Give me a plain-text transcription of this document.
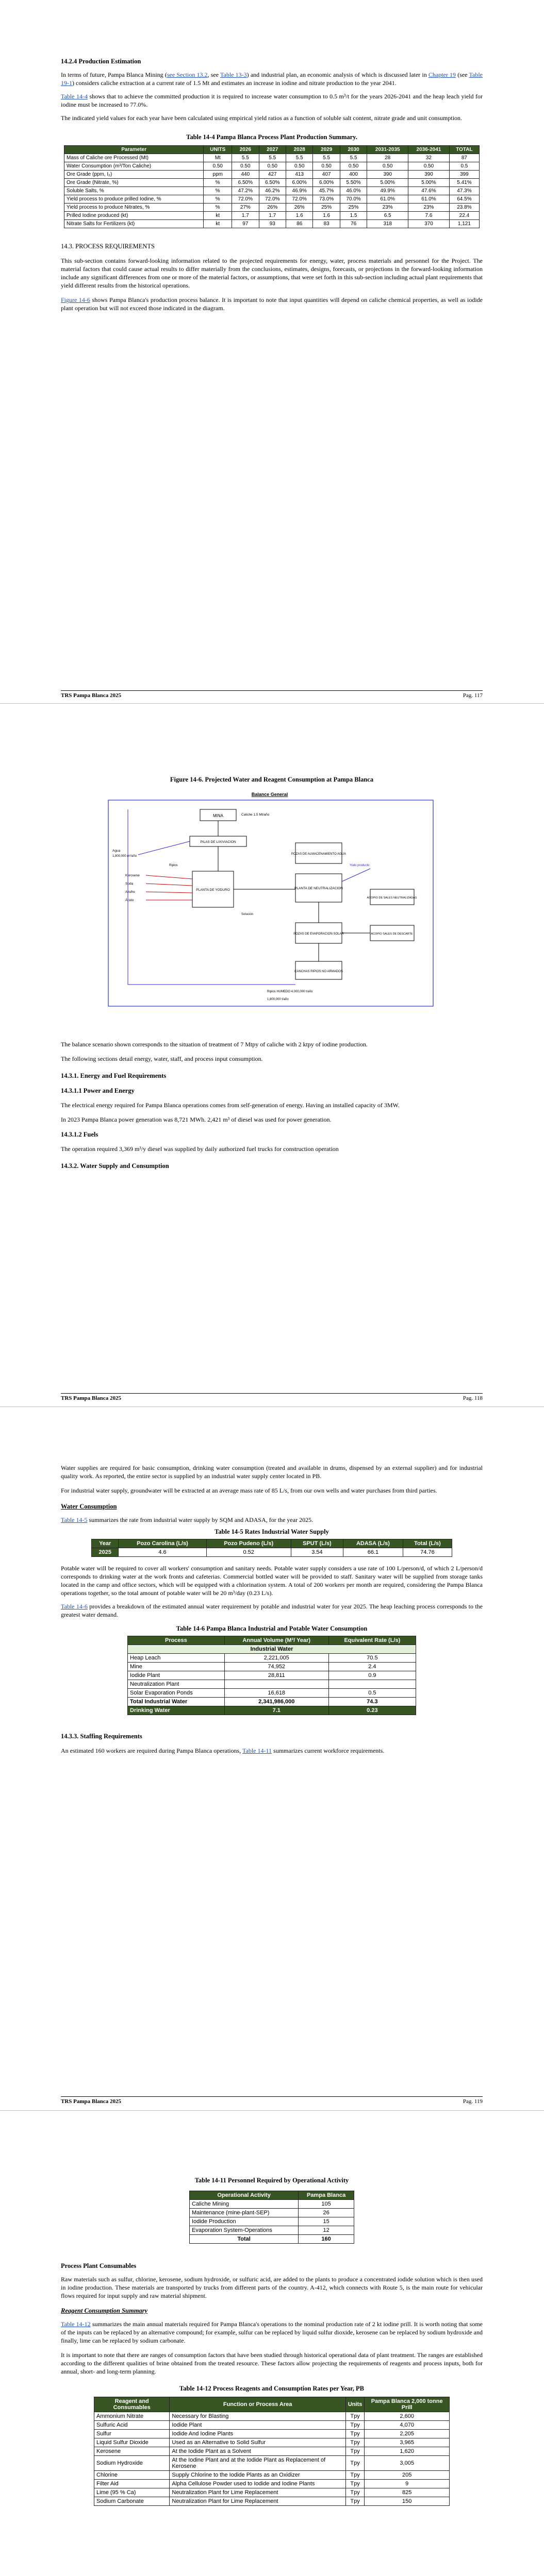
14.2.4 Production Estimation

In terms of future, Pampa Blanca Mining (see Section 13.2, see Table 13-3) and industrial plan, an economic analysis of which is discussed later in Chapter 19 (see Table 19-1) considers caliche extraction at a current rate of 1.5 Mt and estimates an increase in iodine and nitrate production to the year 2041.

Table 14-4 shows that to achieve the committed production it is required to increase water consumption to 0.5 m³/t for the years 2026-2041 and the heap leach yield for iodine must be increased to 77.0%.

The indicated yield values for each year have been calculated using empirical yield ratios as a function of soluble salt content, nitrate grade and unit consumption.

Table 14-4 Pampa Blanca Process Plant Production Summary.
Parameter	UNITS	2026	2027	2028	2029	2030	2031-2035	2036-2041	TOTAL
Mass of Caliche ore Processed (Mt)	Mt	5.5	5.5	5.5	5.5	5.5	28	32	87
Water Consumption (m³/Ton Caliche)	0.50	0.50	0.50	0.50	0.50	0.50	0.50	0.50	0.5
Ore Grade (ppm, I₂)	ppm	440	427	413	407	400	390	390	399
Ore Grade (Nitrate, %)	%	6.50%	6.50%	6.00%	6.00%	5.50%	5.00%	5.00%	5.41%
Soluble Salts, %	%	47.2%	46.2%	46.9%	45.7%	46.0%	49.9%	47.6%	47.3%
Yield process to produce prilled Iodine, %	%	72.0%	72.0%	72.0%	73.0%	70.0%	61.0%	61.0%	64.5%
Yield process to produce Nitrates, %	%	27%	26%	26%	25%	25%	23%	23%	23.8%
Prilled Iodine produced (kt)	kt	1.7	1.7	1.6	1.6	1.5	6.5	7.6	22.4
Nitrate Salts for Fertilizers (kt)	kt	97	93	86	83	76	318	370	1,121
14.3. PROCESS REQUIREMENTS

This sub-section contains forward-looking information related to the projected requirements for energy, water, process materials and personnel for the Project. The material factors that could cause actual results to differ materially from the conclusions, estimates, designs, forecasts, or projections in the forward-looking information include any significant differences from one or more of the material factors, or assumptions, that were set forth in this sub-section including actual plant requirements that yield different results from the historical operations.

Figure 14-6 shows Pampa Blanca's production process balance. It is important to note that input quantities will depend on caliche chemical properties, as well as iodide plant operation but will not exceed those indicated in the diagram.

TRS Pampa Blanca 2025	Pag. 117
Figure 14-6. Projected Water and Reagent Consumption at Pampa Blanca
Balance General
MINA	Caliche 1.5 Mt/año
PILAS DE LIXIVIACION
PLANTA DE YODURO	PLANTA DE NEUTRALIZACION
POZAS DE ALMACENAMIENTO AGUA
POZAS DE EVAPORACION SOLAR
ACOPIO DE SALES NEUTRALIZADAS
ACOPIO SALES DE DESCARTE
CANCHAS RIPIOS NO ARMADOS
Yodo producto
Agua
1,800,000 m³/año
Kerosene
Soda
Azufre
Ácido
Ripios
Solución
Ripios HUMEDO 4,000,000 t/año
1,800,000 t/año

The balance scenario shown corresponds to the situation of treatment of 7 Mtpy of caliche with 2 ktpy of iodine production.

The following sections detail energy, water, staff, and process input consumption.

14.3.1. Energy and Fuel Requirements
14.3.1.1 Power and Energy

The electrical energy required for Pampa Blanca operations comes from self-generation of energy. Having an installed capacity of 3MW.

In 2023 Pampa Blanca power generation was 8,721 MWh. 2,421 m³ of diesel was used for power generation.

14.3.1.2 Fuels

The operation required 3,369 m³/y diesel was supplied by daily authorized fuel trucks for construction operation

14.3.2. Water Supply and Consumption
TRS Pampa Blanca 2025	Pag. 118

Water supplies are required for basic consumption, drinking water consumption (treated and available in drums, dispensed by an external supplier) and for industrial quality work. As reported, the entire sector is supplied by an industrial water supply center located in PB.

For industrial water supply, groundwater will be extracted at an average mass rate of 85 L/s, from our own wells and water purchases from third parties.

Water Consumption

Table 14-5 summarizes the rate from industrial water supply by SQM and ADASA, for the year 2025.

Table 14-5 Rates Industrial Water Supply
Year	Pozo Carolina (L/s)	Pozo Pudeno (L/s)	SPUT (L/s)	ADASA (L/s)	Total (L/s)
2025	4.6	0.52	3.54	66.1	74.76

Potable water will be required to cover all workers' consumption and sanitary needs. Potable water supply considers a use rate of 100 L/person/d, of which 2 L/person/d corresponds to drinking water at the work fronts and cafeterias. Commercial bottled water will be provided to staff. Sanitary water will be supplied from storage tanks located in the camp and office sectors, which will be equipped with a chlorination system. A total of 200 workers per month are required, considering the Pampa Blanca operations together, so the total amount of potable water will be 20 m³/day (0.23 L/s).

Table 14-6 provides a breakdown of the estimated annual water requirement by potable and industrial water for year 2025. The heap leaching process corresponds to the greatest water demand.

Table 14-6 Pampa Blanca Industrial and Potable Water Consumption
Process	Annual Volume (M³/ Year)	Equivalent Rate (L/s)
Industrial Water		
Heap Leach	2,221,005	70.5
Mine	74,952	2.4
Iodide Plant	28,811	0.9
Neutralization Plant		
Solar Evaporation Ponds	16,618	0.5
Total Industrial Water	2,341,986,000	74.3
Drinking Water	7.1	0.23
14.3.3. Staffing Requirements

An estimated 160 workers are required during Pampa Blanca operations, Table 14-11 summarizes current workforce requirements.

TRS Pampa Blanca 2025	Pag. 119
Table 14-11 Personnel Required by Operational Activity
Operational Activity	Pampa Blanca
Caliche Mining	105
Maintenance (mine-plant-SEP)	26
Iodide Production	15
Evaporation System-Operations	12
Total	160
Process Plant Consumables

Raw materials such as sulfur, chlorine, kerosene, sodium hydroxide, or sulfuric acid, are added to the plants to produce a concentrated iodide solution which is then used in iodine production. These materials are transported by trucks from different parts of the country. A-412, which connects with Route 5, is the main route for vehicular flows required for input supply and raw material shipment.

Reagent Consumption Summary

Table 14-12 summarizes the main annual materials required for Pampa Blanca's operations to the nominal production rate of 2 kt iodine prill. It is worth noting that some of the inputs can be replaced by an alternative compound; for example, sulfur can be replaced by liquid sulfur dioxide, kerosene can be replaced by sodium hydroxide and finally, lime can be replaced by sodium carbonate.

It is important to note that there are ranges of consumption factors that have been studied through historical operational data of plant treatment. The ranges are established according to the different qualities of brine obtained from the treated resource. These factors allow projecting the requirements of reagents and process inputs, both for annual, short- and long-term planning.

Table 14-12 Process Reagents and Consumption Rates per Year, PB
Reagent and Consumables	Function or Process Area	Units	Pampa Blanca 2,000 tonne Prill
Ammonium Nitrate	Necessary for Blasting	Tpy	2,600
Sulfuric Acid	Iodide Plant	Tpy	4,070
Sulfur	Iodide And Iodine Plants	Tpy	2,205
Liquid Sulfur Dioxide	Used as an Alternative to Solid Sulfur	Tpy	3,965
Kerosene	At the Iodide Plant as a Solvent	Tpy	1,620
Sodium Hydroxide	At the Iodine Plant and at the Iodide Plant as Replacement of Kerosene	Tpy	3,005
Chlorine	Supply Chlorine to the Iodide Plants as an Oxidizer	Tpy	205
Filter Aid	Alpha Cellulose Powder used to Iodide and Iodine Plants	Tpy	9
Lime (95 % Ca)	Neutralization Plant for Lime Replacement	Tpy	825
Sodium Carbonate	Neutralization Plant for Lime Replacement	Tpy	150
